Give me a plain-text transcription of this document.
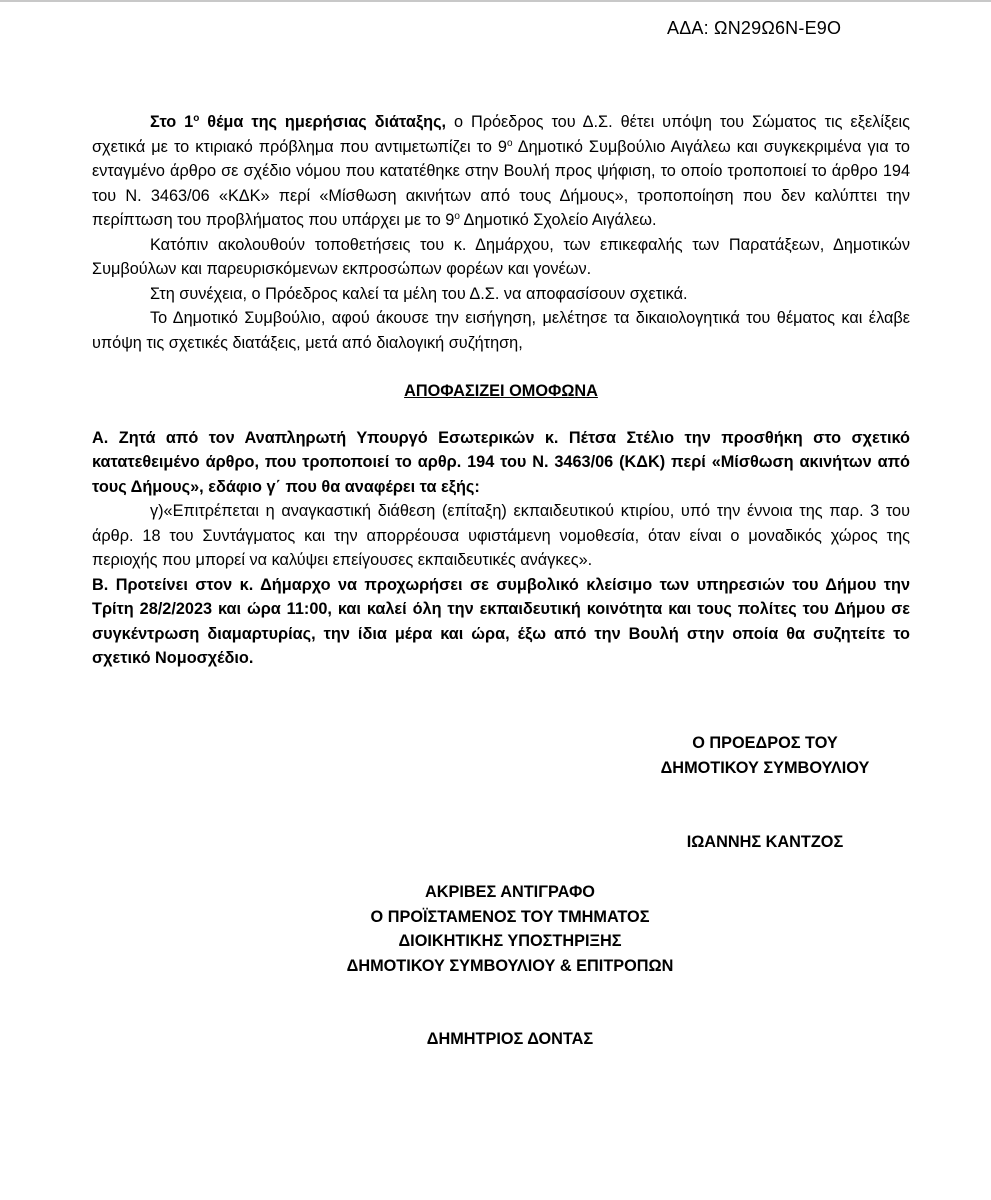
ΑΔΑ: ΩΝ29Ω6Ν-Ε9Ο

Στο $1^o$ θέμα της ημερήσιας διάταξης, ο Πρόεδρος του Δ.Σ. θέτει υπόψη του Σώματος τις εξελίξεις σχετικά με το κτιριακό πρόβλημα που αντιμετωπίζει το $9^o$ Δημοτικό Συμβούλιο Αιγάλεω και συγκεκριμένα για το ενταγμένο άρθρο σε σχέδιο νόμου που κατατέθηκε στην Βουλή προς ψήφιση, το οποίο τροποποιεί το άρθρο 194 του Ν. 3463/06 «ΚΔΚ» περί «Μίσθωση ακινήτων από τους Δήμους», τροποποίηση που δεν καλύπτει την περίπτωση του προβλήματος που υπάρχει με το $9^o$ Δημοτικό Σχολείο Αιγάλεω.

Κατόπιν ακολουθούν τοποθετήσεις του κ. Δημάρχου, των επικεφαλής των Παρατάξεων, Δημοτικών Συμβούλων και παρευρισκόμενων εκπροσώπων φορέων και γονέων.

Στη συνέχεια, ο Πρόεδρος καλεί τα μέλη του Δ.Σ. να αποφασίσουν σχετικά.

Το Δημοτικό Συμβούλιο, αφού άκουσε την εισήγηση, μελέτησε τα δικαιολογητικά του θέματος και έλαβε υπόψη τις σχετικές διατάξεις, μετά από διαλογική συζήτηση,

ΑΠΟΦΑΣΙΖΕΙ ΟΜΟΦΩΝΑ

Α. Ζητά από τον Αναπληρωτή Υπουργό Εσωτερικών κ. Πέτσα Στέλιο την προσθήκη στο σχετικό κατατεθειμένο άρθρο, που τροποποιεί το αρθρ. 194 του Ν. 3463/06 (ΚΔΚ) περί «Μίσθωση ακινήτων από τους Δήμους», εδάφιο γ΄ που θα αναφέρει τα εξής:

γ)«Επιτρέπεται η αναγκαστική διάθεση (επίταξη) εκπαιδευτικού κτιρίου, υπό την έννοια της παρ. 3 του άρθρ. 18 του Συντάγματος και την απορρέουσα υφιστάμενη νομοθεσία, όταν είναι ο μοναδικός χώρος της περιοχής που μπορεί να καλύψει επείγουσες εκπαιδευτικές ανάγκες».

Β. Προτείνει στον κ. Δήμαρχο να προχωρήσει σε συμβολικό κλείσιμο των υπηρεσιών του Δήμου την Τρίτη 28/2/2023 και ώρα 11:00, και καλεί όλη την εκπαιδευτική κοινότητα και τους πολίτες του Δήμου σε συγκέντρωση διαμαρτυρίας, την ίδια μέρα και ώρα, έξω από την Βουλή στην οποία θα συζητείτε το σχετικό Νομοσχέδιο.

Ο ΠΡΟΕΔΡΟΣ ΤΟΥ
ΔΗΜΟΤΙΚΟΥ ΣΥΜΒΟΥΛΙΟΥ
ΙΩΑΝΝΗΣ ΚΑΝΤΖΟΣ
ΑΚΡΙΒΕΣ ΑΝΤΙΓΡΑΦΟ
Ο ΠΡΟΪΣΤΑΜΕΝΟΣ ΤΟΥ ΤΜΗΜΑΤΟΣ
ΔΙΟΙΚΗΤΙΚΗΣ ΥΠΟΣΤΗΡΙΞΗΣ
ΔΗΜΟΤΙΚΟΥ ΣΥΜΒΟΥΛΙΟΥ & ΕΠΙΤΡΟΠΩΝ
ΔΗΜΗΤΡΙΟΣ ΔΟΝΤΑΣ
